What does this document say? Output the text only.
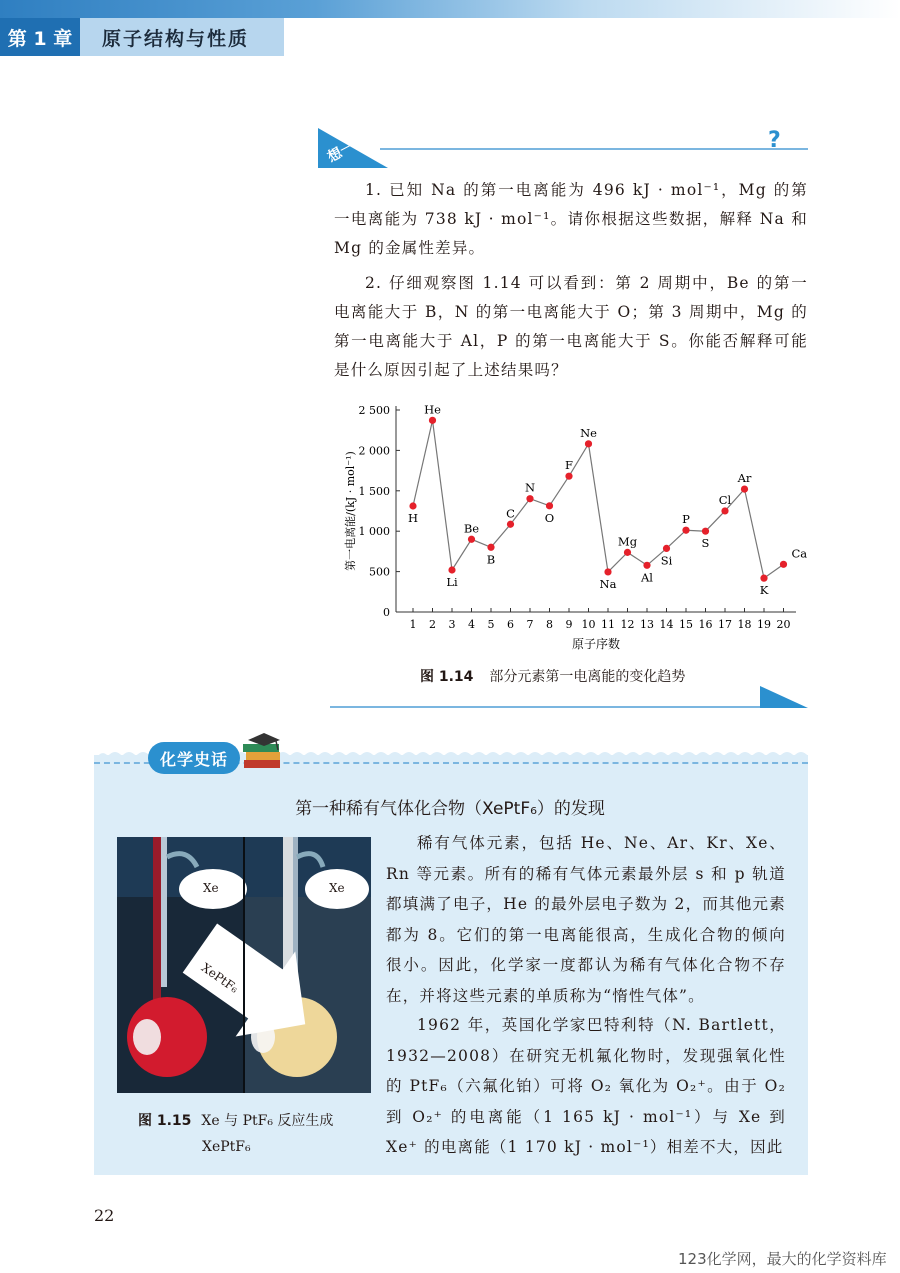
第 1 章	原子结构与性质
想一想	?
1. 已知 Na 的第一电离能为 496 kJ · mol⁻¹，Mg 的第一电离能为 738 kJ · mol⁻¹。请你根据这些数据，解释 Na 和 Mg 的金属性差异。
2. 仔细观察图 1.14 可以看到：第 2 周期中，Be 的第一电离能大于 B，N 的第一电离能大于 O；第 3 周期中，Mg 的第一电离能大于 Al，P 的第一电离能大于 S。你能否解释可能是什么原因引起了上述结果吗？
0
500
1 000
1 500
2 000
2 500
1 2 3 4 5 6 7 8 9 10 11 12 13 14 15 16 17 18 19 20
原子序数
第一电离能/(kJ · mol⁻¹)	H
He
Li
Be
B
C
N
O
F
Ne
Na
Mg
Al
Si
P
S
Cl
Ar
K
Ca
图 1.14 部分元素第一电离能的变化趋势
化学史话
第一种稀有气体化合物（XePtF₆）的发现
Xe	Xe
XePtF₆
图 1.15 Xe 与 PtF₆ 反应生成
XePtF₆
稀有气体元素，包括 He、Ne、Ar、Kr、Xe、Rn 等元素。所有的稀有气体元素最外层 s 和 p 轨道都填满了电子，He 的最外层电子数为 2，而其他元素都为 8。它们的第一电离能很高，生成化合物的倾向很小。因此，化学家一度都认为稀有气体化合物不存在，并将这些元素的单质称为“惰性气体”。
1962 年，英国化学家巴特利特（N. Bartlett，1932—2008）在研究无机氟化物时，发现强氧化性的 PtF₆（六氟化铂）可将 O₂ 氧化为 O₂⁺。由于 O₂ 到 O₂⁺ 的电离能（1 165 kJ · mol⁻¹）与 Xe 到 Xe⁺ 的电离能（1 170 kJ · mol⁻¹）相差不大，因此
22
123化学网，最大的化学资料库
